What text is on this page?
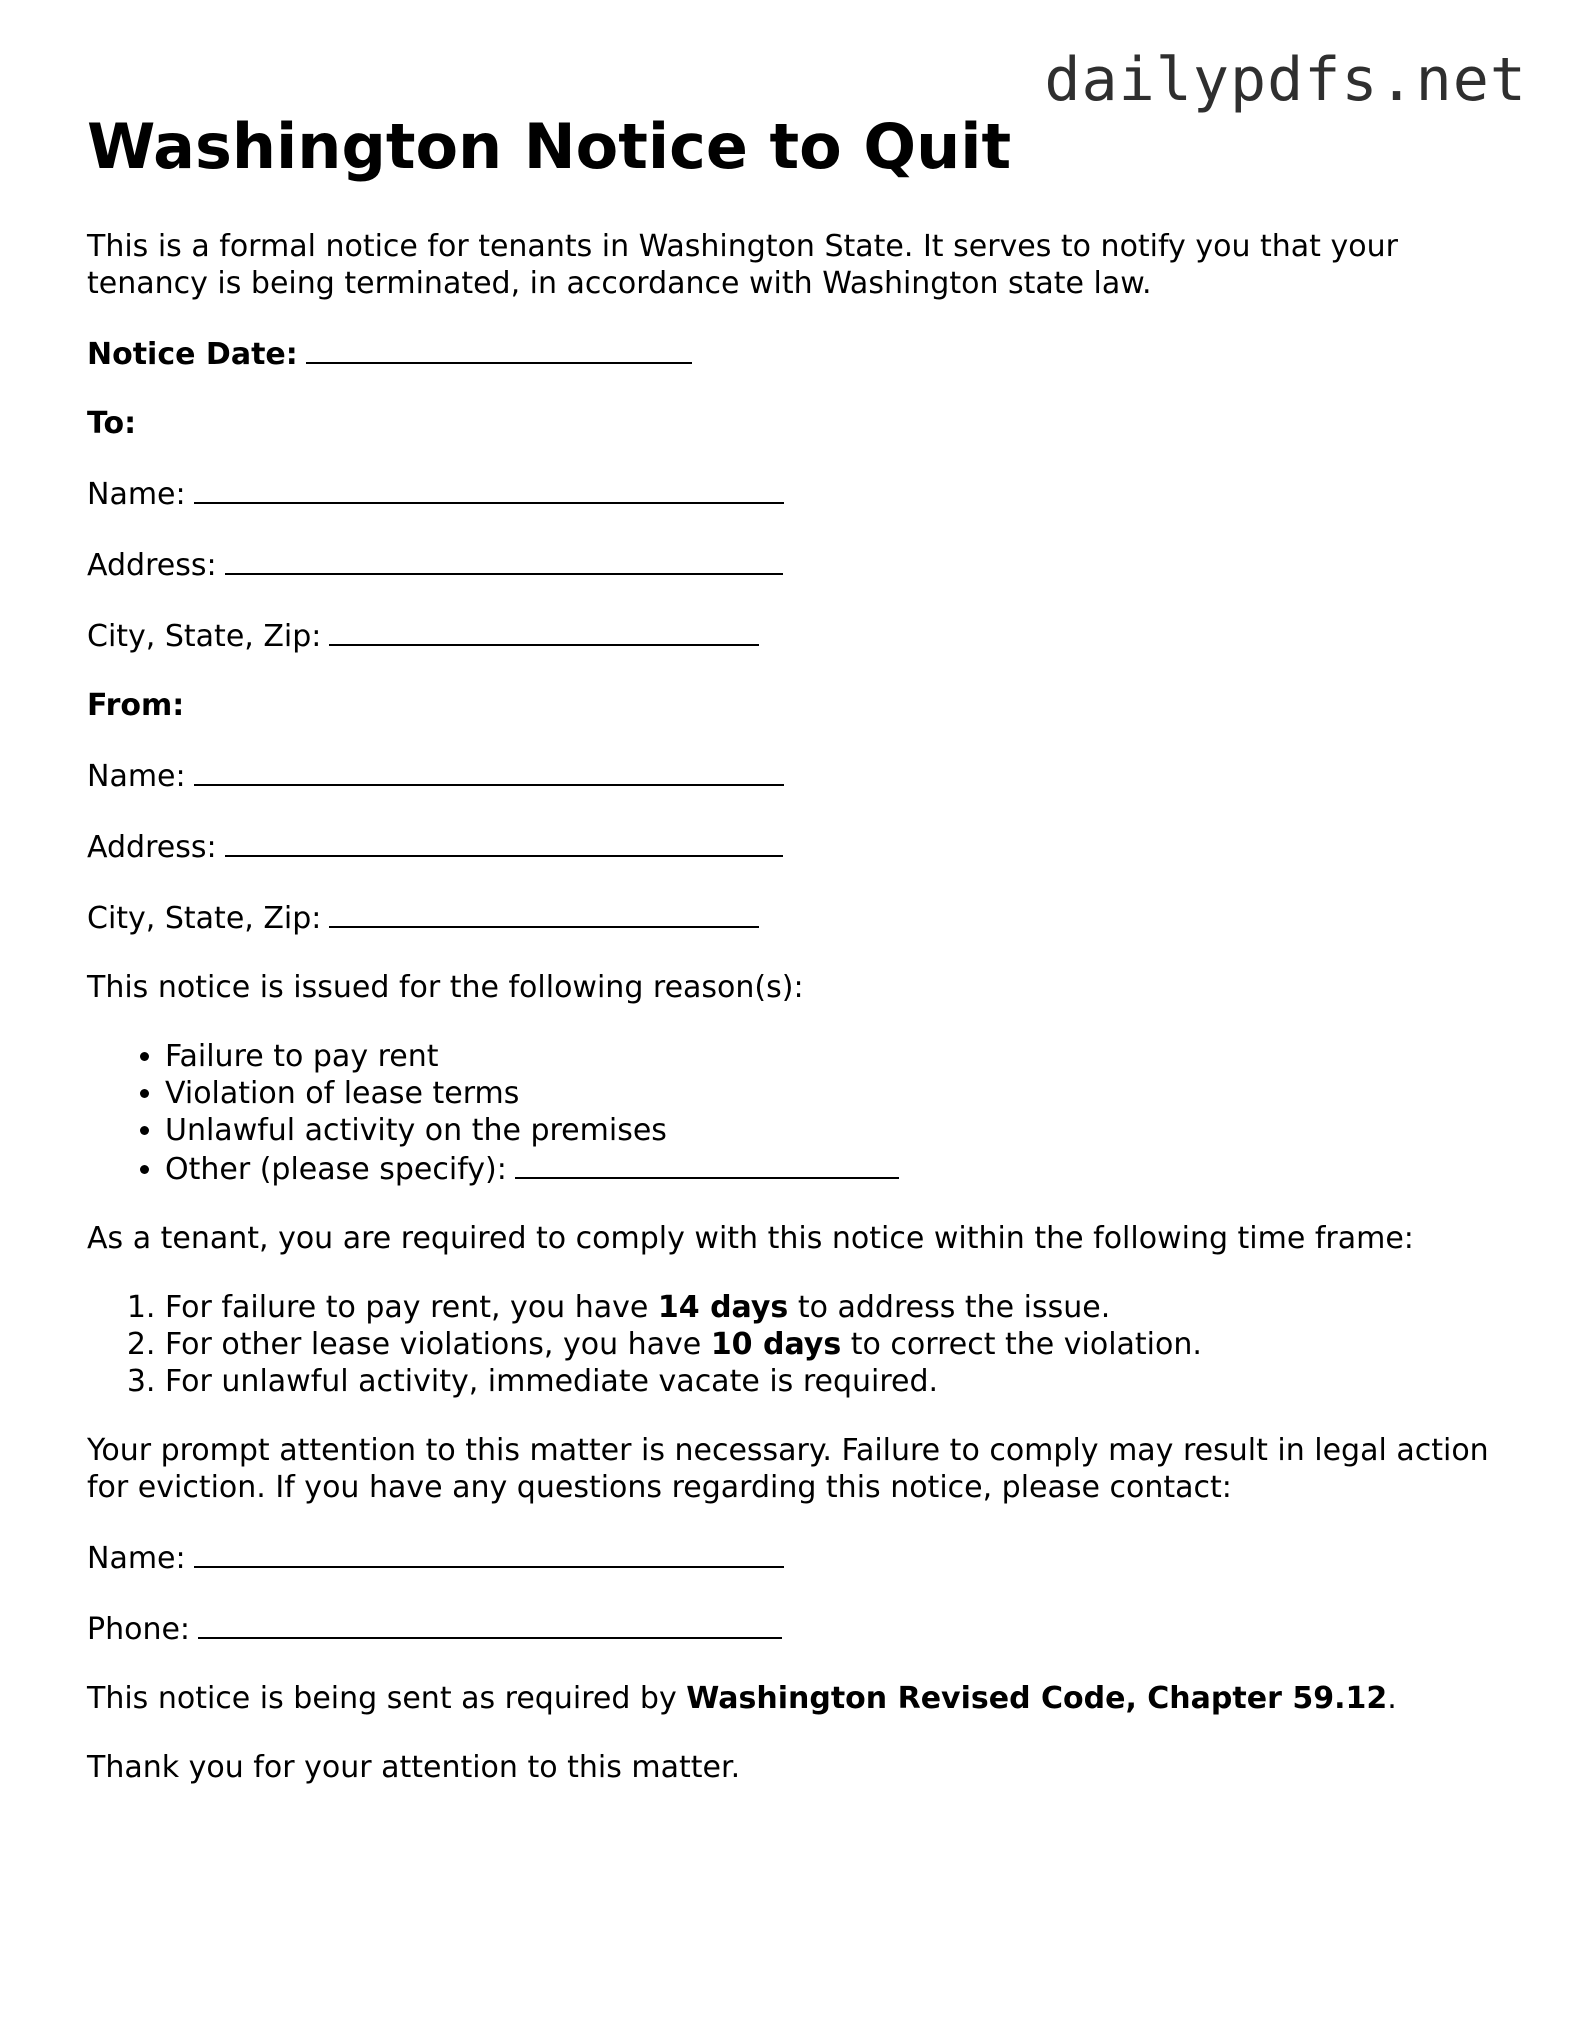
dailypdfs.net
Washington Notice to Quit

This is a formal notice for tenants in Washington State. It serves to notify you that your tenancy is being terminated, in accordance with Washington state law.

Notice Date:

To:

Name:

Address:

City, State, Zip:

From:

Name:

Address:

City, State, Zip:

This notice is issued for the following reason(s):

• Failure to pay rent
• Violation of lease terms
• Unlawful activity on the premises
• Other (please specify):

As a tenant, you are required to comply with this notice within the following time frame:

1. For failure to pay rent, you have 14 days to address the issue.
2. For other lease violations, you have 10 days to correct the violation.
3. For unlawful activity, immediate vacate is required.

Your prompt attention to this matter is necessary. Failure to comply may result in legal action for eviction. If you have any questions regarding this notice, please contact:

Name:

Phone:

This notice is being sent as required by Washington Revised Code, Chapter 59.12.

Thank you for your attention to this matter.
